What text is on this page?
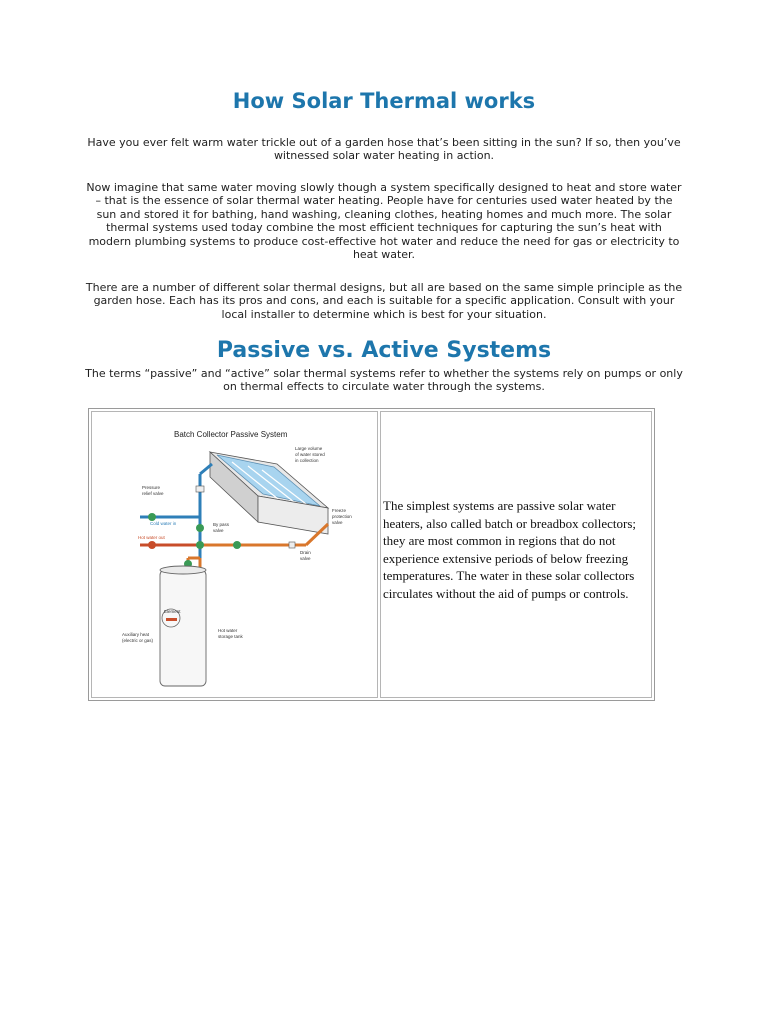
How Solar Thermal works

Have you ever felt warm water trickle out of a garden hose that’s been sitting in the sun? If so, then you’ve witnessed solar water heating in action.

Now imagine that same water moving slowly though a system specifically designed to heat and store water – that is the essence of solar thermal water heating. People have for centuries used water heated by the sun and stored it for bathing, hand washing, cleaning clothes, heating homes and much more. The solar thermal systems used today combine the most efficient techniques for capturing the sun’s heat with modern plumbing systems to produce cost-effective hot water and reduce the need for gas or electricity to heat water.

There are a number of different solar thermal designs, but all are based on the same simple principle as the garden hose. Each has its pros and cons, and each is suitable for a specific application. Consult with your local installer to determine which is best for your situation.

Passive vs. Active Systems

The terms “passive” and “active” solar thermal systems refer to whether the systems rely on pumps or only on thermal effects to circulate water through the systems.

Batch Collector Passive System
Large volume
of water stored
in collection
Pressure
relief valve
Cold water in
Hot water out
By pass
valve
Freeze
protection
valve
Drain
valve
Element
Auxiliary heat
(electric or gas)
Hot water
storage tank

The simplest systems are passive solar water heaters, also called batch or breadbox collectors; they are most common in regions that do not experience extensive periods of below freezing temperatures. The water in these solar collectors circulates without the aid of pumps or controls.
